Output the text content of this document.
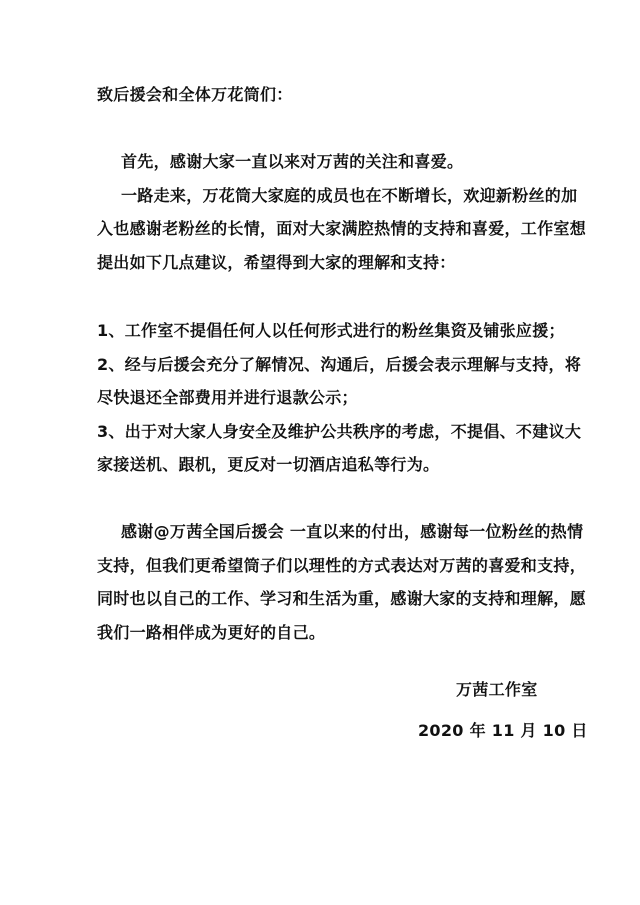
致后援会和全体万花筒们：
首先，感谢大家一直以来对万茜的关注和喜爱。
一路走来，万花筒大家庭的成员也在不断增长，欢迎新粉丝的加
入也感谢老粉丝的长情，面对大家满腔热情的支持和喜爱，工作室想
提出如下几点建议，希望得到大家的理解和支持：
1、工作室不提倡任何人以任何形式进行的粉丝集资及铺张应援；
2、经与后援会充分了解情况、沟通后，后援会表示理解与支持，将
尽快退还全部费用并进行退款公示；
3、出于对大家人身安全及维护公共秩序的考虑，不提倡、不建议大
家接送机、跟机，更反对一切酒店追私等行为。
感谢@万茜全国后援会 一直以来的付出，感谢每一位粉丝的热情
支持，但我们更希望筒子们以理性的方式表达对万茜的喜爱和支持，
同时也以自己的工作、学习和生活为重，感谢大家的支持和理解，愿
我们一路相伴成为更好的自己。
万茜工作室
2020 年 11 月 10 日
